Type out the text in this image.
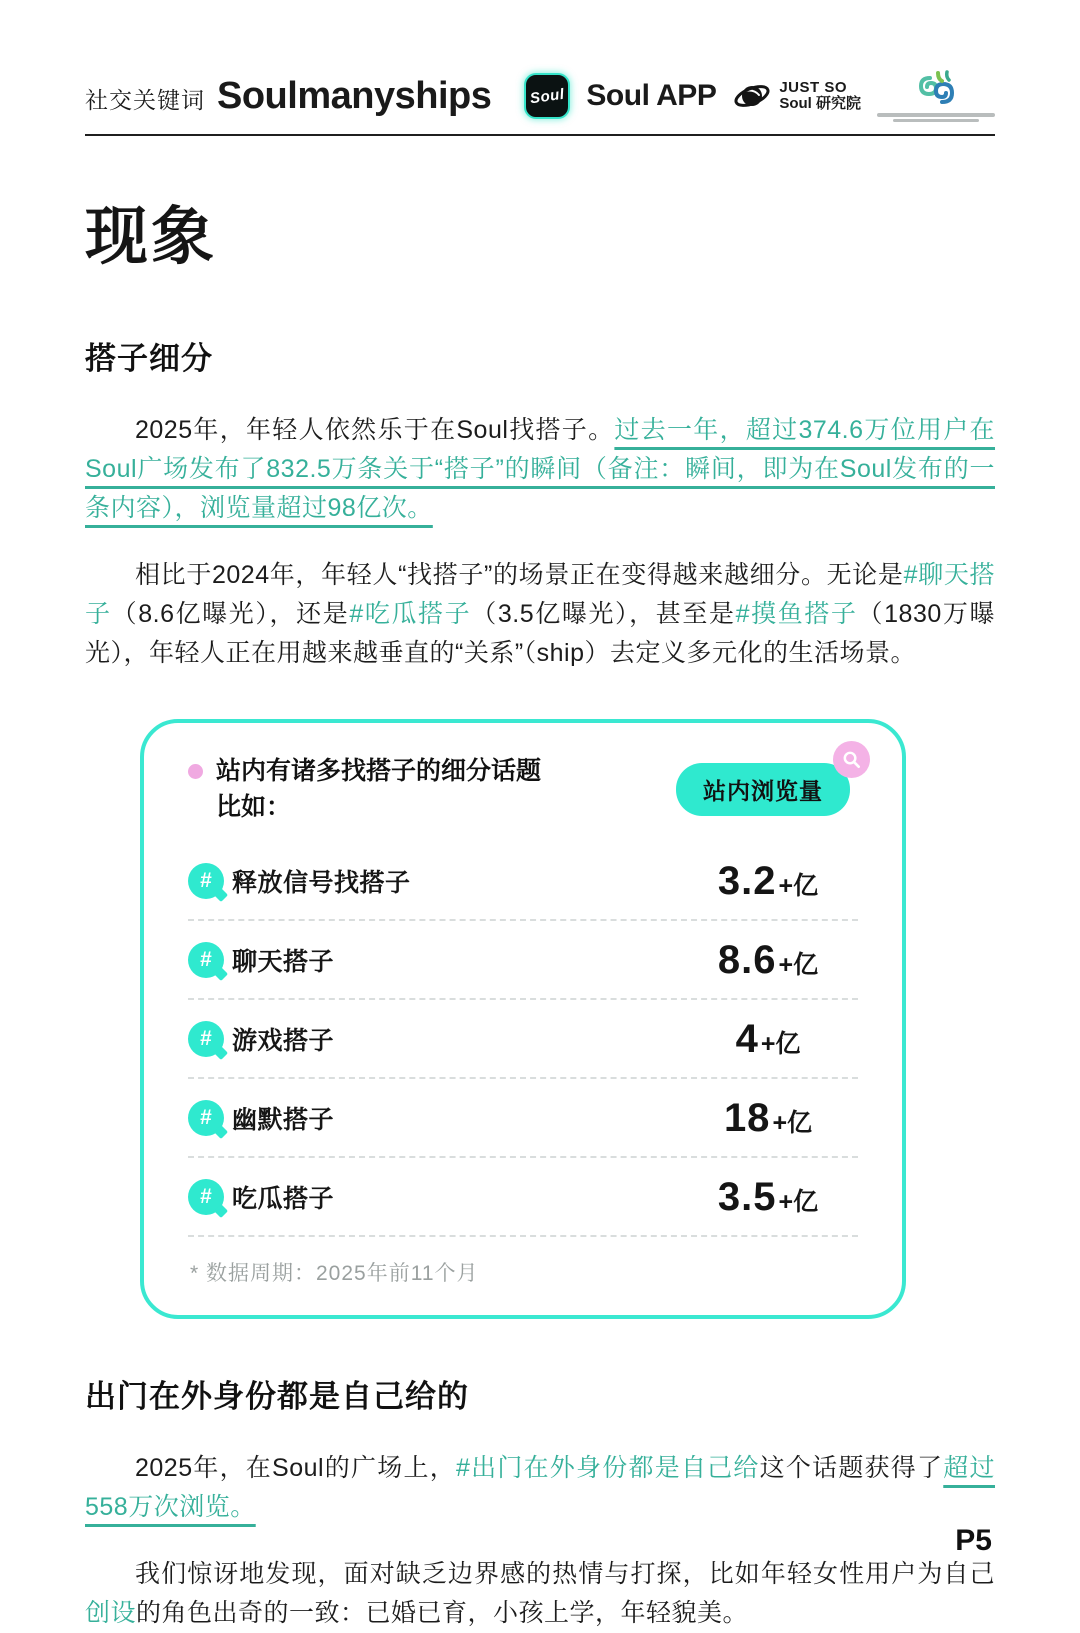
社交关键词 Soulmanyships	Soul Soul APP	JUST SO
Soul 研究院
现象
搭子细分

2025年，年轻人依然乐于在Soul找搭子。过去一年，超过374.6万位用户在Soul广场发布了832.5万条关于“搭子”的瞬间（备注：瞬间，即为在Soul发布的一条内容），浏览量超过98亿次。

相比于2024年，年轻人“找搭子”的场景正在变得越来越细分。无论是#聊天搭子（8.6亿曝光），还是#吃瓜搭子（3.5亿曝光），甚至是#摸鱼搭子（1830万曝光），年轻人正在用越来越垂直的“关系”（ship）去定义多元化的生活场景。

站内有诸多找搭子的细分话题
比如：
站内浏览量
# 释放信号找搭子	3.2+亿
# 聊天搭子	8.6+亿
# 游戏搭子	4+亿
# 幽默搭子	18+亿
# 吃瓜搭子	3.5+亿
* 数据周期：2025年前11个月
出门在外身份都是自己给的

2025年，在Soul的广场上，#出门在外身份都是自己给这个话题获得了超过558万次浏览。

我们惊讶地发现，面对缺乏边界感的热情与打探，比如年轻女性用户为自己创设的角色出奇的一致：已婚已育，小孩上学，年轻貌美。

P5
